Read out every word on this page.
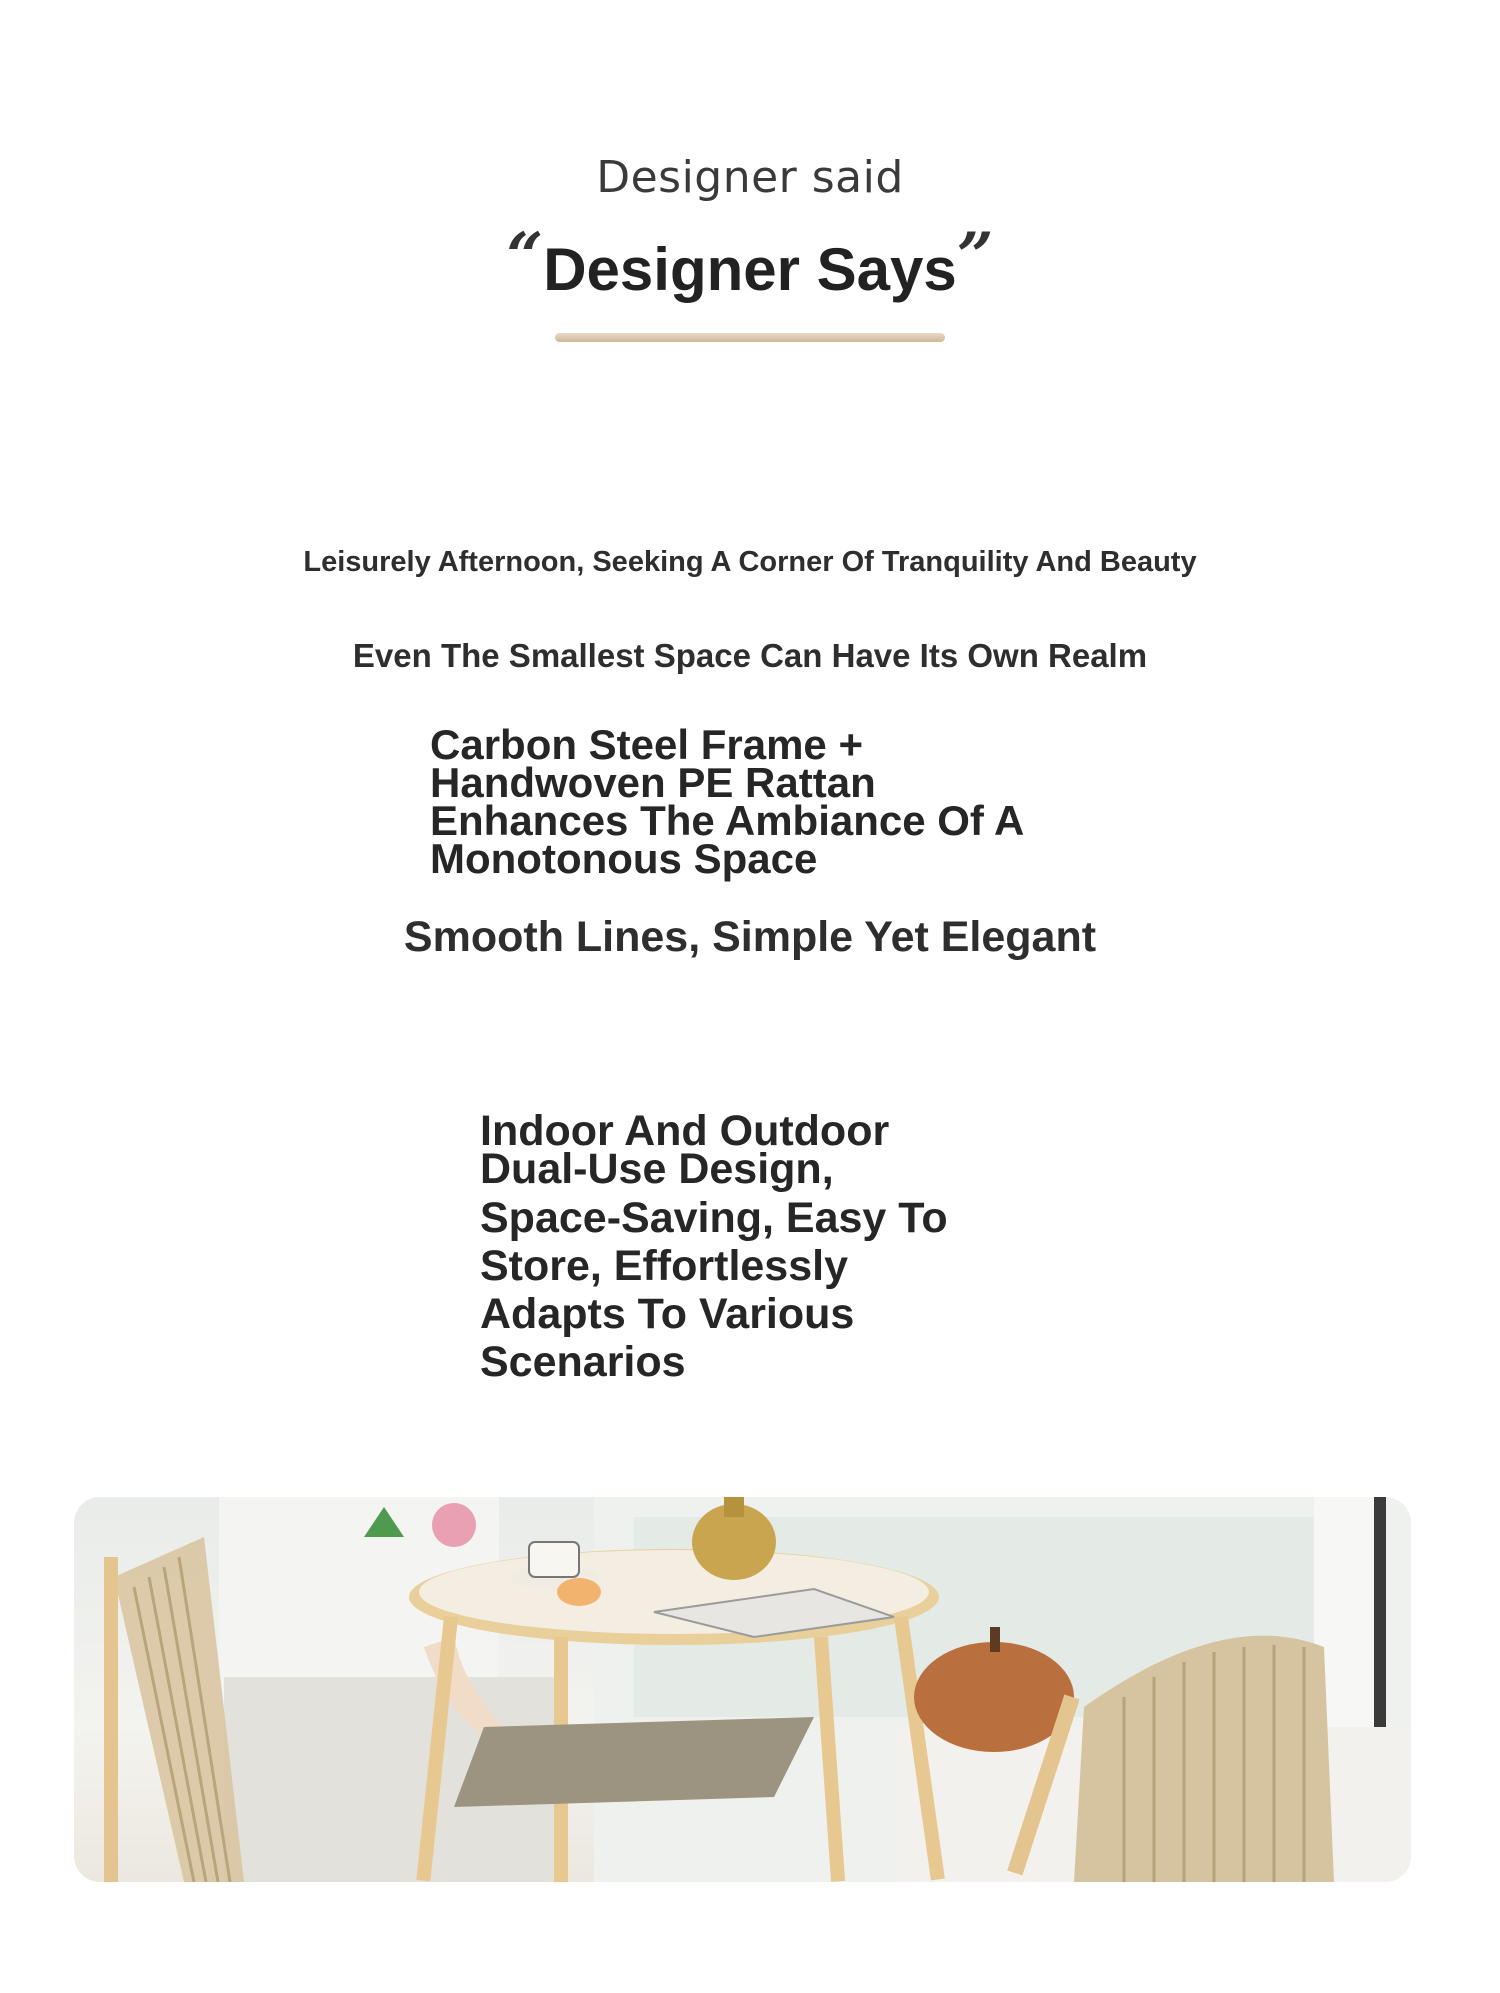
Designer said
“Designer Says”
Leisurely Afternoon, Seeking A Corner Of Tranquility And Beauty
Even The Smallest Space Can Have Its Own Realm
Carbon Steel Frame +
Handwoven PE Rattan
Enhances The Ambiance Of A
Monotonous Space
Smooth Lines, Simple Yet Elegant
Indoor And Outdoor
Dual-Use Design,
Space-Saving, Easy To
Store, Effortlessly
Adapts To Various
Scenarios
